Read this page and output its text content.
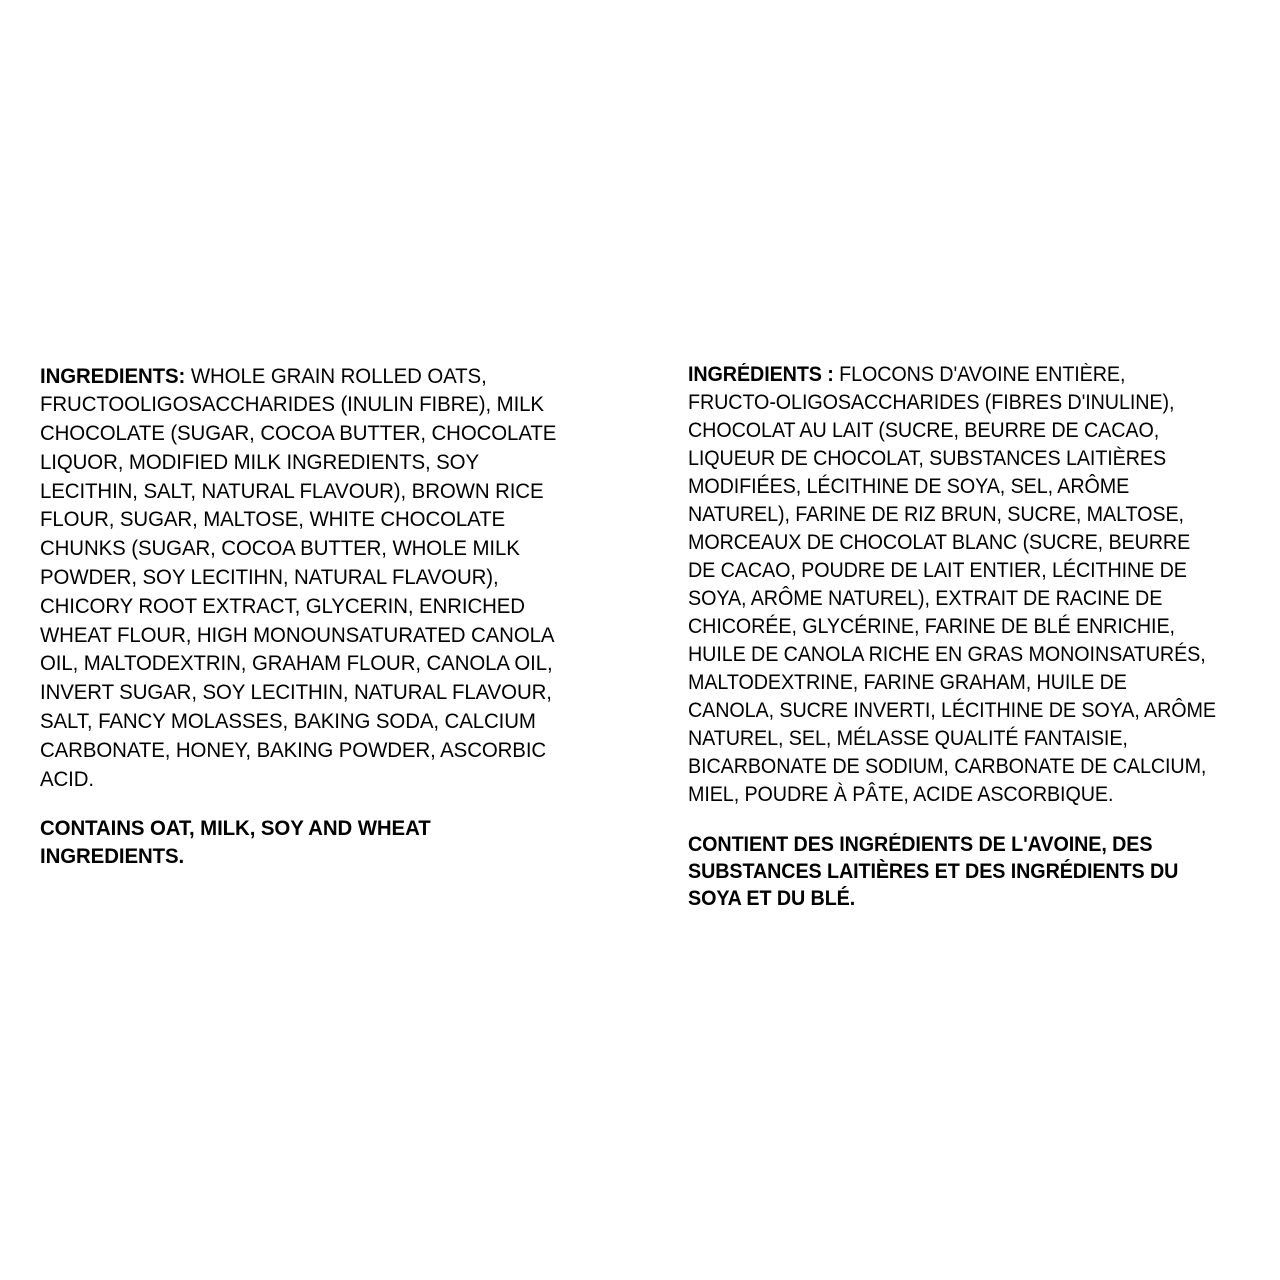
INGREDIENTS: WHOLE GRAIN ROLLED OATS, FRUCTOOLIGOSACCHARIDES (INULIN FIBRE), MILK CHOCOLATE (SUGAR, COCOA BUTTER, CHOCOLATE LIQUOR, MODIFIED MILK INGREDIENTS, SOY LECITHIN, SALT, NATURAL FLAVOUR), BROWN RICE FLOUR, SUGAR, MALTOSE, WHITE CHOCOLATE CHUNKS (SUGAR, COCOA BUTTER, WHOLE MILK POWDER, SOY LECITIHN, NATURAL FLAVOUR), CHICORY ROOT EXTRACT, GLYCERIN, ENRICHED WHEAT FLOUR, HIGH MONOUNSATURATED CANOLA OIL, MALTODEXTRIN, GRAHAM FLOUR, CANOLA OIL, INVERT SUGAR, SOY LECITHIN, NATURAL FLAVOUR, SALT, FANCY MOLASSES, BAKING SODA, CALCIUM CARBONATE, HONEY, BAKING POWDER, ASCORBIC ACID.

CONTAINS OAT, MILK, SOY AND WHEAT INGREDIENTS.

INGRÉDIENTS : FLOCONS D'AVOINE ENTIÈRE, FRUCTO-OLIGOSACCHARIDES (FIBRES D'INULINE), CHOCOLAT AU LAIT (SUCRE, BEURRE DE CACAO, LIQUEUR DE CHOCOLAT, SUBSTANCES LAITIÈRES MODIFIÉES, LÉCITHINE DE SOYA, SEL, ARÔME NATUREL), FARINE DE RIZ BRUN, SUCRE, MALTOSE, MORCEAUX DE CHOCOLAT BLANC (SUCRE, BEURRE DE CACAO, POUDRE DE LAIT ENTIER, LÉCITHINE DE SOYA, ARÔME NATUREL), EXTRAIT DE RACINE DE CHICORÉE, GLYCÉRINE, FARINE DE BLÉ ENRICHIE, HUILE DE CANOLA RICHE EN GRAS MONOINSATURÉS, MALTODEXTRINE, FARINE GRAHAM, HUILE DE CANOLA, SUCRE INVERTI, LÉCITHINE DE SOYA, ARÔME NATUREL, SEL, MÉLASSE QUALITÉ FANTAISIE, BICARBONATE DE SODIUM, CARBONATE DE CALCIUM, MIEL, POUDRE À PÂTE, ACIDE ASCORBIQUE.

CONTIENT DES INGRÉDIENTS DE L'AVOINE, DES SUBSTANCES LAITIÈRES ET DES INGRÉDIENTS DU SOYA ET DU BLÉ.
